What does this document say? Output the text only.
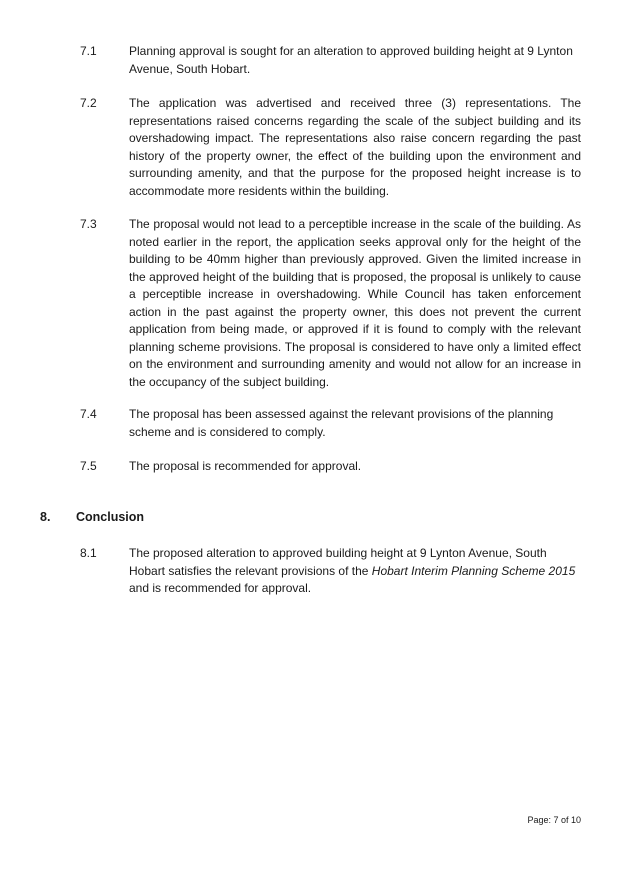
7.1	Planning approval is sought for an alteration to approved building height at 9 Lynton Avenue, South Hobart.
7.2	The application was advertised and received three (3) representations. The representations raised concerns regarding the scale of the subject building and its overshadowing impact. The representations also raise concern regarding the past history of the property owner, the effect of the building upon the environment and surrounding amenity, and that the purpose for the proposed height increase is to accommodate more residents within the building.
7.3	The proposal would not lead to a perceptible increase in the scale of the building. As noted earlier in the report, the application seeks approval only for the height of the building to be 40mm higher than previously approved. Given the limited increase in the approved height of the building that is proposed, the proposal is unlikely to cause a perceptible increase in overshadowing. While Council has taken enforcement action in the past against the property owner, this does not prevent the current application from being made, or approved if it is found to comply with the relevant planning scheme provisions. The proposal is considered to have only a limited effect on the environment and surrounding amenity and would not allow for an increase in the occupancy of the subject building.
7.4	The proposal has been assessed against the relevant provisions of the planning scheme and is considered to comply.
7.5	The proposal is recommended for approval.
8. Conclusion
8.1	The proposed alteration to approved building height at 9 Lynton Avenue, South Hobart satisfies the relevant provisions of the Hobart Interim Planning Scheme 2015 and is recommended for approval.
Page: 7 of 10
